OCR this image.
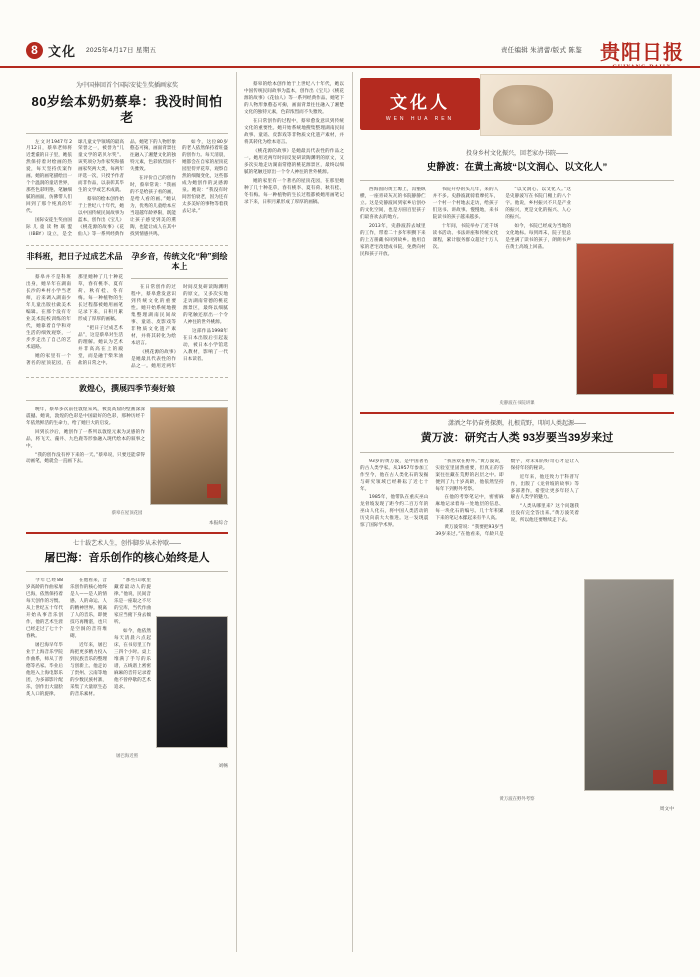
8 文化 2025年4月17日 星期五	责任编辑 朱清蕾/版式 陈鉴 贵阳日报
GUIYANG DAILY
文化人
WEN HUA REN
为中国捧回首个国际安徒生奖插画家奖
80岁绘本奶奶蔡皋：我没时间怕老

左文对1947年2月12日，蔡皋老师将近耄耋的日子里，她依然保持着对绘画的热爱，每天坚持伏案作画。她的画笔描绘出一个个温润的童话世界，那些色彩明艳、笔触细腻的画面，仿佛带人们回到了那个纯真的年代。

国际安徒生奖由国际儿童读物联盟（IBBY）设立，是全球儿童文学领域的最高荣誉之一，被誉为“儿童文学的诺贝尔奖”。该奖项分为作家奖和插画家奖两大类，每两年评选一次，只授予作者而非作品，以表彰其毕生的文学或艺术成就。

蔡皋的绘本创作始于上世纪八十年代，她以中国传统民间故事为蓝本，创作出《宝儿》《桃花源的故事》《花仙人》等一系列经典作品。她笔下的人物形象憨态可掬，画面背景往往融入了湘楚文化的独特元素，色彩浓烈而不失雅致。

在评价自己的创作时，蔡皋常说：“我画的不是给孩子看的画，是给人看的画。”她认为，优秀的儿童绘本应当超越年龄界限，既能让孩子感受到美的熏陶，也能让成人在其中找到情感共鸣。

如今，这位80岁的老人依然保持着旺盛的创作力。每天清晨，她都会在自家的屋顶花园里侍弄花草，观察自然的细微变化，这些都成为她创作的灵感源泉。她说：“我没有时间害怕衰老，因为还有太多美好的事物等着我去记录。”

非科班，把日子过成艺术品

蔡皋并不是科班出身，她早年在湖南长沙的乡村小学当老师，后来调入湖南少年儿童出版社做美术编辑。在那个没有专业美术院校训练的年代，她靠着自学和对生活的细致观察，一步步走出了自己的艺术道路。

她的家里有一个著名的屋顶花园，在那里她种了几十种花草，春有桃李、夏有荷、秋有桂、冬有梅。每一种植物的生长过程都被她用画笔记录下来，日积月累形成了厚厚的画稿。

“把日子过成艺术品”，这是蔡皋对生活的理解。她认为艺术并非高高在上的殿堂，而是融于柴米油盐的日常之中。

孕乡音，传统文化“种”到绘本上

在日常创作的过程中，蔡皋愈发意识到传统文化的重要性。她开始系统地搜集整理湖南民间故事、童谣、皮影戏等非物质文化遗产素材，并将其转化为绘本语言。

《桃花源的故事》是她最具代表性的作品之一。她用近两年时间反复研读陶渊明的原文，又多次实地走访湖南常德的桃花源景区，最终以细腻的笔触还原出一个令人神往的世外桃源。

这部作品1998年在日本出版后引起轰动，被日本小学馆选入教材，影响了一代日本读者。

敦煌心，撰展四季节奏好娘

晚年，蔡皋多次前往敦煌采风，被莫高窟的壁画深深震撼。她说，敦煌的色彩是中国最好的色彩，那种历经千年依然鲜活的生命力，给了她巨大的启发。

回到长沙后，她创作了一系列以敦煌元素为灵感的作品，将飞天、藻井、九色鹿等形象融入现代绘本的叙事之中。

“我的创作没有停下来的一天。”蔡皋说，只要还能拿得动画笔，她就会一直画下去。

蔡皋在屋顶花园
本报综合
七十载艺术人生，创作脚步从未停歇——
屠巴海：音乐创作的核心始终是人

今年已经88岁高龄的作曲家屠巴海，依然保持着每天创作的习惯。从上世纪五十年代开始从事音乐创作，他的艺术生涯已经走过了七十个春秋。

屠巴海早年毕业于上海音乐学院作曲系，师从丁善德等名家。毕业后他进入上海电影乐团，为多部影片配乐，创作出大量脍炙人口的旋律。

在他看来，音乐创作的核心始终是人——是人的情感、人的命运、人的精神世界。脱离了人的音乐，即便技巧再精湛，也只是空洞的音符堆砌。

近年来，屠巴海把更多精力投入到民族音乐的整理与创新上。他走访了贵州、云南等地的少数民族村寨，采集了大量原生态的音乐素材。

“那些山歌里藏着最动人的旋律。”他说，民间音乐是一座取之不尽的宝库，当代作曲家应当俯下身去倾听。

如今，他依然每天清晨六点起床，在书房里工作三四个小时。桌上堆满了手写的乐谱，五线谱上密密麻麻的音符记录着他不曾停歇的艺术追求。

屠巴海近照
刘畅

蔡皋的绘本创作始于上世纪八十年代，她以中国传统民间故事为蓝本，创作出《宝儿》《桃花源的故事》《花仙人》等一系列经典作品。她笔下的人物形象憨态可掬，画面背景往往融入了湘楚文化的独特元素，色彩浓烈而不失雅致。

在日常创作的过程中，蔡皋愈发意识到传统文化的重要性。她开始系统地搜集整理湖南民间故事、童谣、皮影戏等非物质文化遗产素材，并将其转化为绘本语言。

《桃花源的故事》是她最具代表性的作品之一。她用近两年时间反复研读陶渊明的原文，又多次实地走访湖南常德的桃花源景区，最终以细腻的笔触还原出一个令人神往的世外桃源。

她的家里有一个著名的屋顶花园，在那里她种了几十种花草，春有桃李、夏有荷、秋有桂、冬有梅。每一种植物的生长过程都被她用画笔记录下来，日积月累形成了厚厚的画稿。

投身乡村文化振兴，回老家办书院——
史静波：在黄土高坡“以文润心、以文化人”

西海固的黄土塬上，沟壑纵横，一座青砖灰瓦的书院静静伫立。这是史静波回到家乡后创办的文化空间，也是方圆百里孩子们最喜欢去的地方。

2013年，史静波辞去城里的工作，带着二十多年积攒下来的上万册藏书回到故乡。他用自家的老宅改建成书院，免费向村民和孩子开放。

书院开办的头几年，来的人并不多。史静波就骑着摩托车，一个村一个村地去走访，给孩子们送书、讲故事。慢慢地，来书院读书的孩子越来越多。

十年间，书院举办了近千场读书活动、书法讲座和传统文化课程，累计服务群众超过十万人次。

“以文润心、以文化人。”这是史静波写在书院门楣上的八个字。他说，乡村振兴不只是产业的振兴，更是文化的振兴、人心的振兴。

如今，书院已经成为当地的文化地标。每到周末，院子里总是坐满了读书的孩子，朗朗书声在黄土高坡上回荡。

史静波在书院讲课
潇洒之年仍奋勇探测，扎根荒野，叩问人类起源——
黄万波：研究古人类 93岁要当39岁来过

93岁的黄万波，是中国著名的古人类学家。从1957年参加工作至今，他在古人类化石的发掘与研究领域已经耕耘了近七十年。

1985年，他带队在重庆巫山龙骨坡发现了距今约二百万年的巫山人化石，将中国人类活动的历史向前大大推进。这一发现震惊了国际学术界。

“我喜欢在野外。”黄万波说，实验室里固然重要，但真正的答案往往藏在荒野的岩层之中。即便到了九十岁高龄，他依然坚持每年下到野外考察。

在他的考察笔记中，密密麻麻地记录着每一处地层的信息、每一块化石的编号。几十年积累下来的笔记本摞起来有半人高。

黄万波常说：“我要把93岁当39岁来过。”在他看来，年龄只是数字，对未知的好奇心才是让人保持年轻的秘诀。

近年来，他还致力于科普写作，出版了《龙骨坡的故事》等多部著作，希望让更多年轻人了解古人类学的魅力。

“人类从哪里来？这个问题我还没有完全答出来。”黄万波笑着说，所以他还要继续走下去。

黄万波在野外考察
周文中
